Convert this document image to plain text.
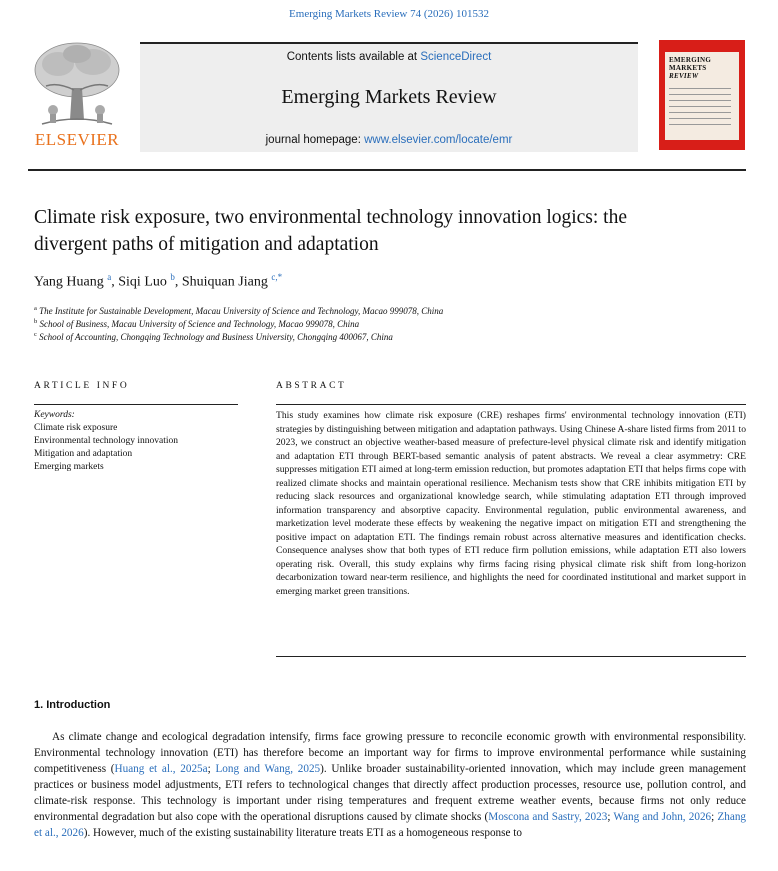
Emerging Markets Review 74 (2026) 101532
ELSEVIER
Contents lists available at ScienceDirect
Emerging Markets Review
journal homepage: www.elsevier.com/locate/emr
EMERGING
MARKETS
REVIEW
Climate risk exposure, two environmental technology innovation logics: the divergent paths of mitigation and adaptation
Yang Huang $^a$, Siqi Luo $^b$, Shuiquan Jiang $^{c,*}$
$^a$ The Institute for Sustainable Development, Macau University of Science and Technology, Macao 999078, China
$^b$ School of Business, Macau University of Science and Technology, Macao 999078, China
$^c$ School of Accounting, Chongqing Technology and Business University, Chongqing 400067, China
ARTICLE INFO
Keywords:
Climate risk exposure
Environmental technology innovation
Mitigation and adaptation
Emerging markets
ABSTRACT
This study examines how climate risk exposure (CRE) reshapes firms' environmental technology innovation (ETI) strategies by distinguishing between mitigation and adaptation pathways. Using Chinese A-share listed firms from 2011 to 2023, we construct an objective weather-based measure of prefecture-level physical climate risk and identify mitigation and adaptation ETI through BERT-based semantic analysis of patent abstracts. We reveal a clear asymmetry: CRE suppresses mitigation ETI aimed at long-term emission reduction, but promotes adaptation ETI that helps firms cope with realized climate shocks and maintain operational resilience. Mechanism tests show that CRE inhibits mitigation ETI by reducing slack resources and organizational knowledge search, while stimulating adaptation ETI through improved information transparency and absorptive capacity. Environmental regulation, public environmental awareness, and marketization level moderate these effects by weakening the negative impact on mitigation ETI and strengthening the positive impact on adaptation ETI. The findings remain robust across alternative measures and identification checks. Consequence analyses show that both types of ETI reduce firm pollution emissions, while adaptation ETI also lowers operating risk. Overall, this study explains why firms facing rising physical climate risk shift from long-horizon decarbonization toward near-term resilience, and highlights the need for coordinated institutional and market support in emerging market green transitions.
1. Introduction
As climate change and ecological degradation intensify, firms face growing pressure to reconcile economic growth with environmental responsibility. Environmental technology innovation (ETI) has therefore become an important way for firms to improve environmental performance while sustaining competitiveness (Huang et al., 2025a; Long and Wang, 2025). Unlike broader sustainability-oriented innovation, which may include green management practices or business model adjustments, ETI refers to technological changes that directly affect production processes, resource use, pollution control, and climate-risk response. This technology is important under rising temperatures and frequent extreme weather events, because firms not only reduce environmental degradation but also cope with the operational disruptions caused by climate shocks (Moscona and Sastry, 2023; Wang and John, 2026; Zhang et al., 2026). However, much of the existing sustainability literature treats ETI as a homogeneous response to
